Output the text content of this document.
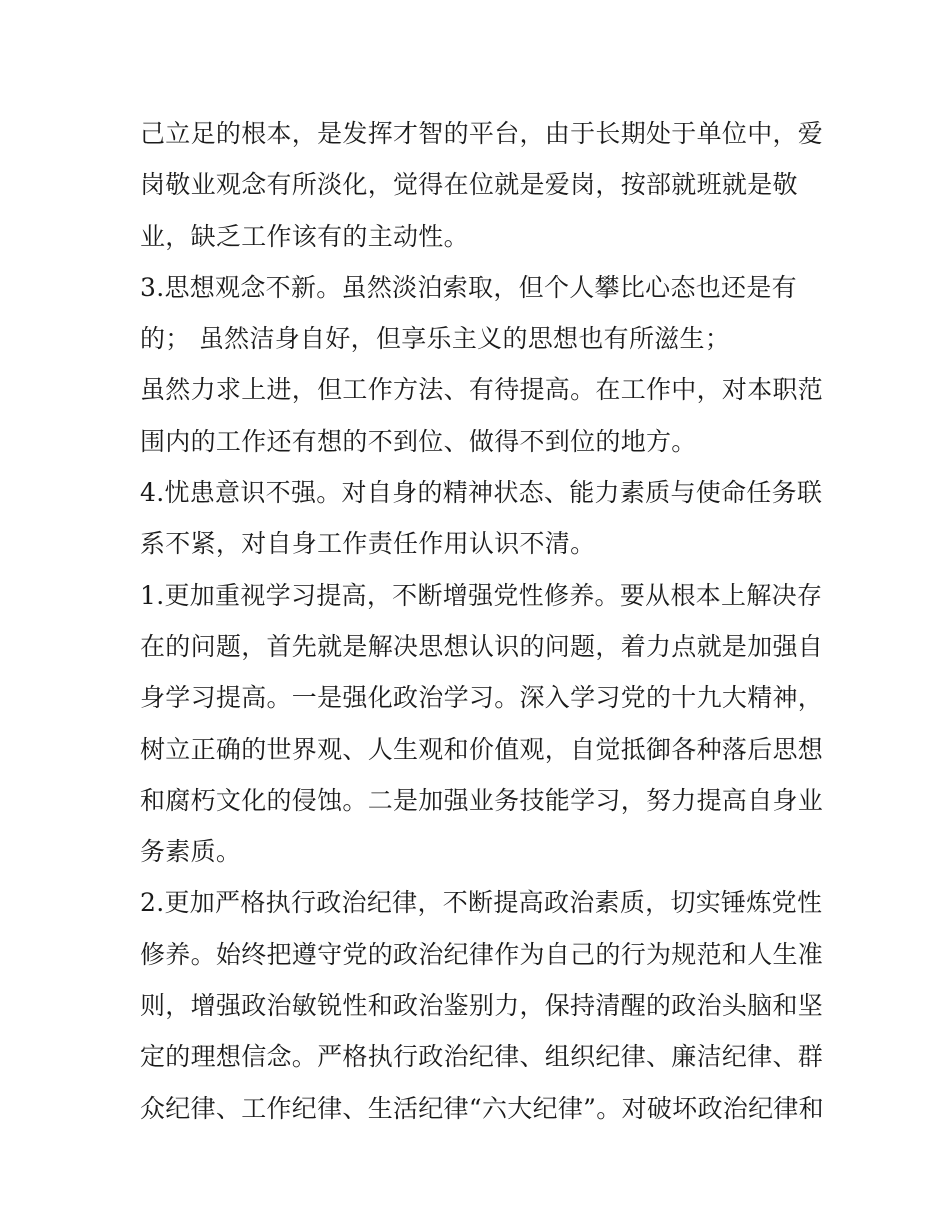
己立足的根本，是发挥才智的平台，由于长期处于单位中，爱
岗敬业观念有所淡化，觉得在位就是爱岗，按部就班就是敬
业，缺乏工作该有的主动性。
3.思想观念不新。虽然淡泊索取，但个人攀比心态也还是有
的； 虽然洁身自好，但享乐主义的思想也有所滋生；
虽然力求上进，但工作方法、有待提高。在工作中，对本职范
围内的工作还有想的不到位、做得不到位的地方。
4.忧患意识不强。对自身的精神状态、能力素质与使命任务联
系不紧，对自身工作责任作用认识不清。
1.更加重视学习提高，不断增强党性修养。要从根本上解决存
在的问题，首先就是解决思想认识的问题，着力点就是加强自
身学习提高。一是强化政治学习。深入学习党的十九大精神，
树立正确的世界观、人生观和价值观，自觉抵御各种落后思想
和腐朽文化的侵蚀。二是加强业务技能学习，努力提高自身业
务素质。
2.更加严格执行政治纪律，不断提高政治素质，切实锤炼党性
修养。始终把遵守党的政治纪律作为自己的行为规范和人生准
则，增强政治敏锐性和政治鉴别力，保持清醒的政治头脑和坚
定的理想信念。严格执行政治纪律、组织纪律、廉洁纪律、群
众纪律、工作纪律、生活纪律“六大纪律”。对破坏政治纪律和
